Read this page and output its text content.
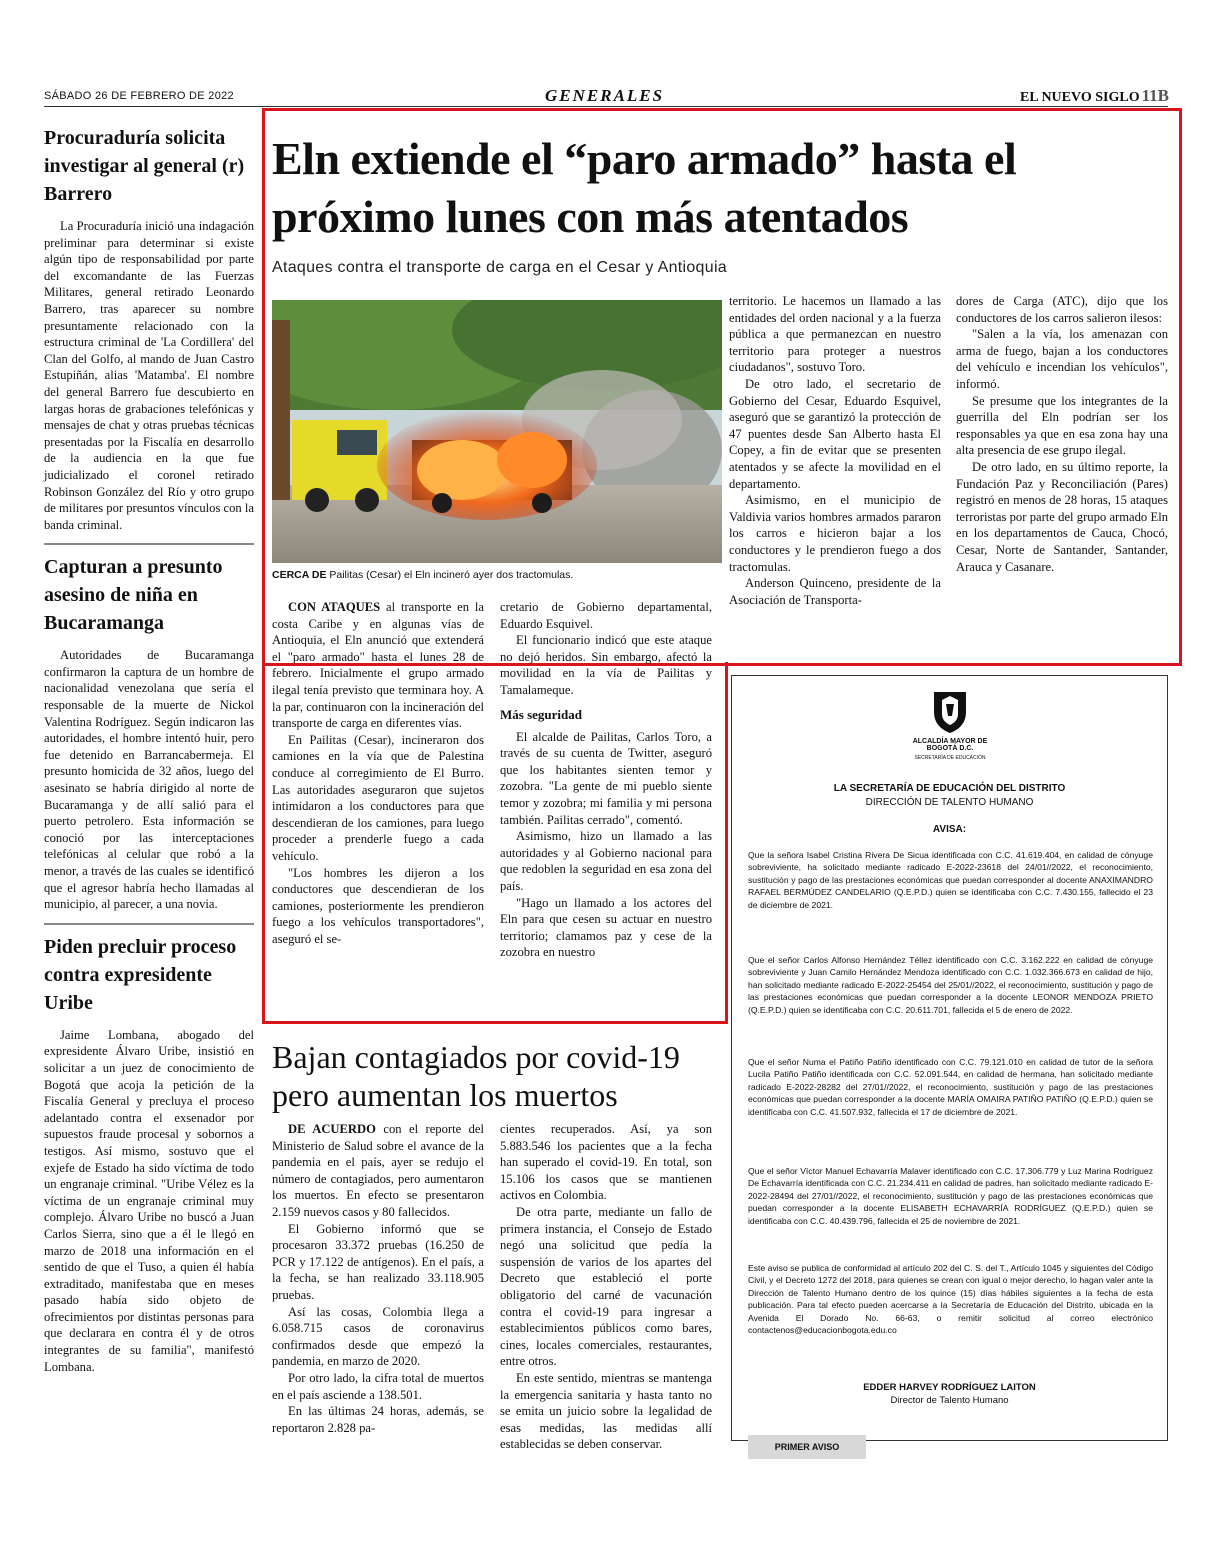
SÁBADO 26 DE FEBRERO DE 2022	GENERALES	EL NUEVO SIGLO 11B
Procuraduría solicita investigar al general (r) Barrero
La Procuraduría inició una indagación preliminar para determinar si existe algún tipo de responsabilidad por parte del excomandante de las Fuerzas Militares, general retirado Leonardo Barrero, tras aparecer su nombre presuntamente relacionado con la estructura criminal de 'La Cordillera' del Clan del Golfo, al mando de Juan Castro Estupiñán, alias 'Matamba'. El nombre del general Barrero fue descubierto en largas horas de grabaciones telefónicas y mensajes de chat y otras pruebas técnicas presentadas por la Fiscalía en desarrollo de la audiencia en la que fue judicializado el coronel retirado Robinson González del Río y otro grupo de militares por presuntos vínculos con la banda criminal.
Capturan a presunto asesino de niña en Bucaramanga
Autoridades de Bucaramanga confirmaron la captura de un hombre de nacionalidad venezolana que sería el responsable de la muerte de Nickol Valentina Rodríguez. Según indicaron las autoridades, el hombre intentó huir, pero fue detenido en Barrancabermeja. El presunto homicida de 32 años, luego del asesinato se habría dirigido al norte de Bucaramanga y de allí salió para el puerto petrolero. Esta información se conoció por las interceptaciones telefónicas al celular que robó a la menor, a través de las cuales se identificó que el agresor habría hecho llamadas al municipio, al parecer, a una novia.
Piden precluir proceso contra expresidente Uribe
Jaime Lombana, abogado del expresidente Álvaro Uribe, insistió en solicitar a un juez de conocimiento de Bogotá que acoja la petición de la Fiscalía General y precluya el proceso adelantado contra el exsenador por supuestos fraude procesal y sobornos a testigos. Así mismo, sostuvo que el exjefe de Estado ha sido víctima de todo un engranaje criminal. "Uribe Vélez es la víctima de un engranaje criminal muy complejo. Álvaro Uribe no buscó a Juan Carlos Sierra, sino que a él le llegó en marzo de 2018 una información en el sentido de que el Tuso, a quien él había extraditado, manifestaba que en meses pasado había sido objeto de ofrecimientos por distintas personas para que declarara en contra él y de otros integrantes de su familia", manifestó Lombana.
Eln extiende el “paro armado” hasta el próximo lunes con más atentados
Ataques contra el transporte de carga en el Cesar y Antioquia
CERCA DE Pailitas (Cesar) el Eln incineró ayer dos tractomulas.

CON ATAQUES al transporte en la costa Caribe y en algunas vías de Antioquia, el Eln anunció que extenderá el "paro armado" hasta el lunes 28 de febrero. Inicialmente el grupo armado ilegal tenía previsto que terminara hoy. A la par, continuaron con la incineración del transporte de carga en diferentes vías.

En Pailitas (Cesar), incineraron dos camiones en la vía que de Palestina conduce al corregimiento de El Burro. Las autoridades aseguraron que sujetos intimidaron a los conductores para que descendieran de los camiones, para luego proceder a prenderle fuego a cada vehículo.

"Los hombres les dijeron a los conductores que descendieran de los camiones, posteriormente les prendieron fuego a los vehículos transportadores", aseguró el se-

cretario de Gobierno departamental, Eduardo Esquivel.

El funcionario indicó que este ataque no dejó heridos. Sin embargo, afectó la movilidad en la vía de Pailitas y Tamalameque.

Más seguridad

El alcalde de Pailitas, Carlos Toro, a través de su cuenta de Twitter, aseguró que los habitantes sienten temor y zozobra. "La gente de mi pueblo siente temor y zozobra; mi familia y mi persona también. Pailitas cerrado", comentó.

Asimismo, hizo un llamado a las autoridades y al Gobierno nacional para que redoblen la seguridad en esa zona del país.

"Hago un llamado a los actores del Eln para que cesen su actuar en nuestro territorio; clamamos paz y cese de la zozobra en nuestro

territorio. Le hacemos un llamado a las entidades del orden nacional y a la fuerza pública a que permanezcan en nuestro territorio para proteger a nuestros ciudadanos", sostuvo Toro.

De otro lado, el secretario de Gobierno del Cesar, Eduardo Esquivel, aseguró que se garantizó la protección de 47 puentes desde San Alberto hasta El Copey, a fin de evitar que se presenten atentados y se afecte la movilidad en el departamento.

Asimismo, en el municipio de Valdivia varios hombres armados pararon los carros e hicieron bajar a los conductores y le prendieron fuego a dos tractomulas.

Anderson Quinceno, presidente de la Asociación de Transporta-

dores de Carga (ATC), dijo que los conductores de los carros salieron ilesos:

"Salen a la vía, los amenazan con arma de fuego, bajan a los conductores del vehículo e incendian los vehículos", informó.

Se presume que los integrantes de la guerrilla del Eln podrían ser los responsables ya que en esa zona hay una alta presencia de ese grupo ilegal.

De otro lado, en su último reporte, la Fundación Paz y Reconciliación (Pares) registró en menos de 28 horas, 15 ataques terroristas por parte del grupo armado Eln en los departamentos de Cauca, Chocó, Cesar, Norte de Santander, Santander, Arauca y Casanare.

Bajan contagiados por covid-19 pero aumentan los muertos

DE ACUERDO con el reporte del Ministerio de Salud sobre el avance de la pandemia en el país, ayer se redujo el número de contagiados, pero aumentaron los muertos. En efecto se presentaron 2.159 nuevos casos y 80 fallecidos.

El Gobierno informó que se procesaron 33.372 pruebas (16.250 de PCR y 17.122 de antígenos). En el país, a la fecha, se han realizado 33.118.905 pruebas.

Así las cosas, Colombia llega a 6.058.715 casos de coronavirus confirmados desde que empezó la pandemia, en marzo de 2020.

Por otro lado, la cifra total de muertos en el país asciende a 138.501.

En las últimas 24 horas, además, se reportaron 2.828 pa-

cientes recuperados. Así, ya son 5.883.546 los pacientes que a la fecha han superado el covid-19. En total, son 15.106 los casos que se mantienen activos en Colombia.

De otra parte, mediante un fallo de primera instancia, el Consejo de Estado negó una solicitud que pedía la suspensión de varios de los apartes del Decreto que estableció el porte obligatorio del carné de vacunación contra el covid-19 para ingresar a establecimientos públicos como bares, cines, locales comerciales, restaurantes, entre otros.

En este sentido, mientras se mantenga la emergencia sanitaria y hasta tanto no se emita un juicio sobre la legalidad de esas medidas, las medidas allí establecidas se deben conservar.

ALCALDÍA MAYOR DE BOGOTÁ D.C.
SECRETARÍA DE EDUCACIÓN
LA SECRETARÍA DE EDUCACIÓN DEL DISTRITO
DIRECCIÓN DE TALENTO HUMANO
AVISA:
Que la señora Isabel Cristina Rivera De Sicua identificada con C.C. 41.619.404, en calidad de cónyuge sobreviviente, ha solicitado mediante radicado E-2022-23618 del 24/01//2022, el reconocimiento, sustitución y pago de las prestaciones económicas que puedan corresponder al docente ANAXIMANDRO RAFAEL BERMÚDEZ CANDELARIO (Q.E.P.D.) quien se identificaba con C.C. 7.430.155, fallecido el 23 de diciembre de 2021.
Que el señor Carlos Alfonso Hernández Téllez identificado con C.C. 3.162.222 en calidad de cónyuge sobreviviente y Juan Camilo Hernández Mendoza identificado con C.C. 1.032.366.673 en calidad de hijo, han solicitado mediante radicado E-2022-25454 del 25/01//2022, el reconocimiento, sustitución y pago de las prestaciones económicas que puedan corresponder a la docente LEONOR MENDOZA PRIETO (Q.E.P.D.) quien se identificaba con C.C. 20.611.701, fallecida el 5 de enero de 2022.
Que el señor Numa el Patiño Patiño identificado con C.C. 79.121.010 en calidad de tutor de la señora Lucila Patiño Patiño identificada con C.C. 52.091.544, en calidad de hermana, han solicitado mediante radicado E-2022-28282 del 27/01//2022, el reconocimiento, sustitución y pago de las prestaciones económicas que puedan corresponder a la docente MARÍA OMAIRA PATIÑO PATIÑO (Q.E.P.D.) quien se identificaba con C.C. 41.507.932, fallecida el 17 de diciembre de 2021.
Que el señor Víctor Manuel Echavarría Malaver identificado con C.C. 17.306.779 y Luz Marina Rodríguez De Echavarría identificada con C.C. 21.234.411 en calidad de padres, han solicitado mediante radicado E-2022-28494 del 27/01//2022, el reconocimiento, sustitución y pago de las prestaciones económicas que puedan corresponder a la docente ELISABETH ECHAVARRÍA RODRÍGUEZ (Q.E.P.D.) quien se identificaba con C.C. 40.439.796, fallecida el 25 de noviembre de 2021.
Este aviso se publica de conformidad al artículo 202 del C. S. del T., Artículo 1045 y siguientes del Código Civil, y el Decreto 1272 del 2018, para quienes se crean con igual o mejor derecho, lo hagan valer ante la Dirección de Talento Humano dentro de los quince (15) días hábiles siguientes a la fecha de esta publicación. Para tal efecto pueden acercarse a la Secretaría de Educación del Distrito, ubicada en la Avenida El Dorado No. 66-63, o remitir solicitud al correo electrónico contactenos@educacionbogota.edu.co
EDDER HARVEY RODRÍGUEZ LAITON
Director de Talento Humano
PRIMER AVISO
